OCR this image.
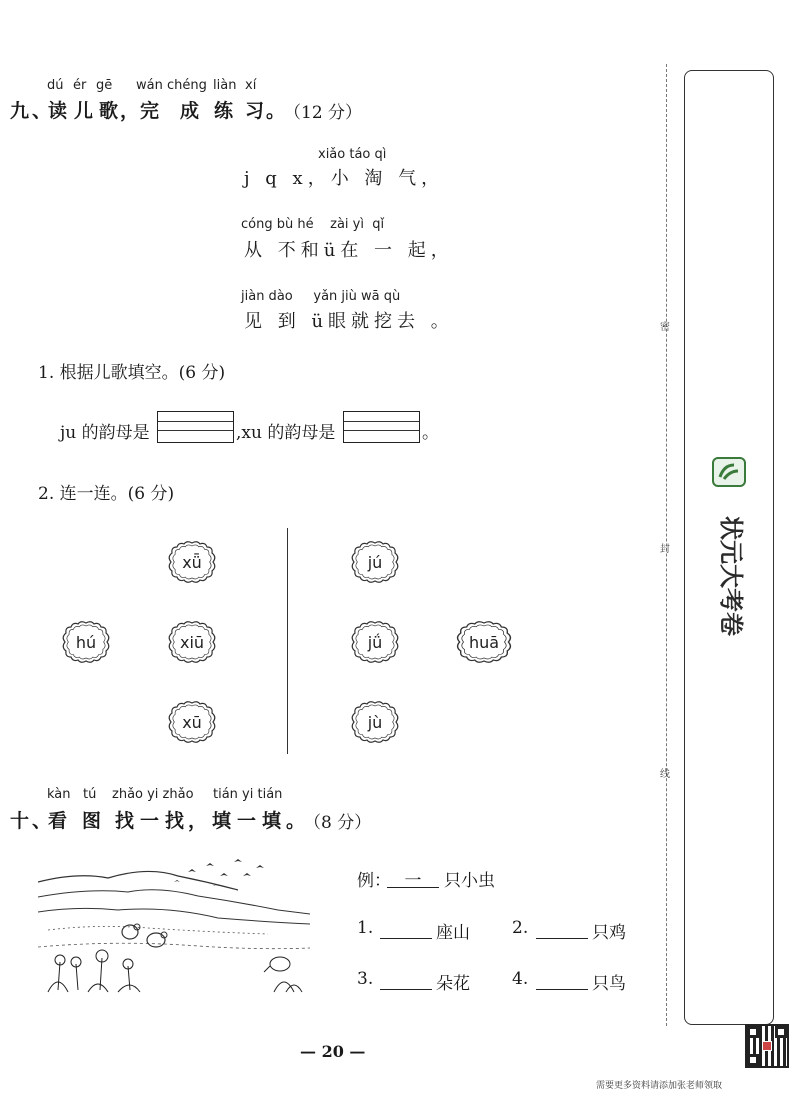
密
封
线
状元大考卷
dú ér gē wán chéng liàn xí
九、
读 儿 歌
，
完 成 练 习
。
（12 分）
xiǎo táo qì
j q x，小 淘 气，
cóng bù hé    zài yì  qǐ
从 不和ü在 一 起，
jiàn dào     yǎn jiù wā qù
见 到 ü眼就挖去 。
1. 根据儿歌填空。(6 分)
ju 的韵母是	,xu 的韵母是	。
2. 连一连。(6 分)
xǖ
hú	xiū
xū
jú
jǘ	huā
jù
kàn tú zhǎo yi zhǎo tián yi tián
十、
看 图 找 一 找 ， 填 一 填 。
（8 分）
例： 一	只小虫
1.	座山 2.	只鸡
3.	朵花 4.	只鸟
— 20 —
需要更多资料请添加张老师领取
